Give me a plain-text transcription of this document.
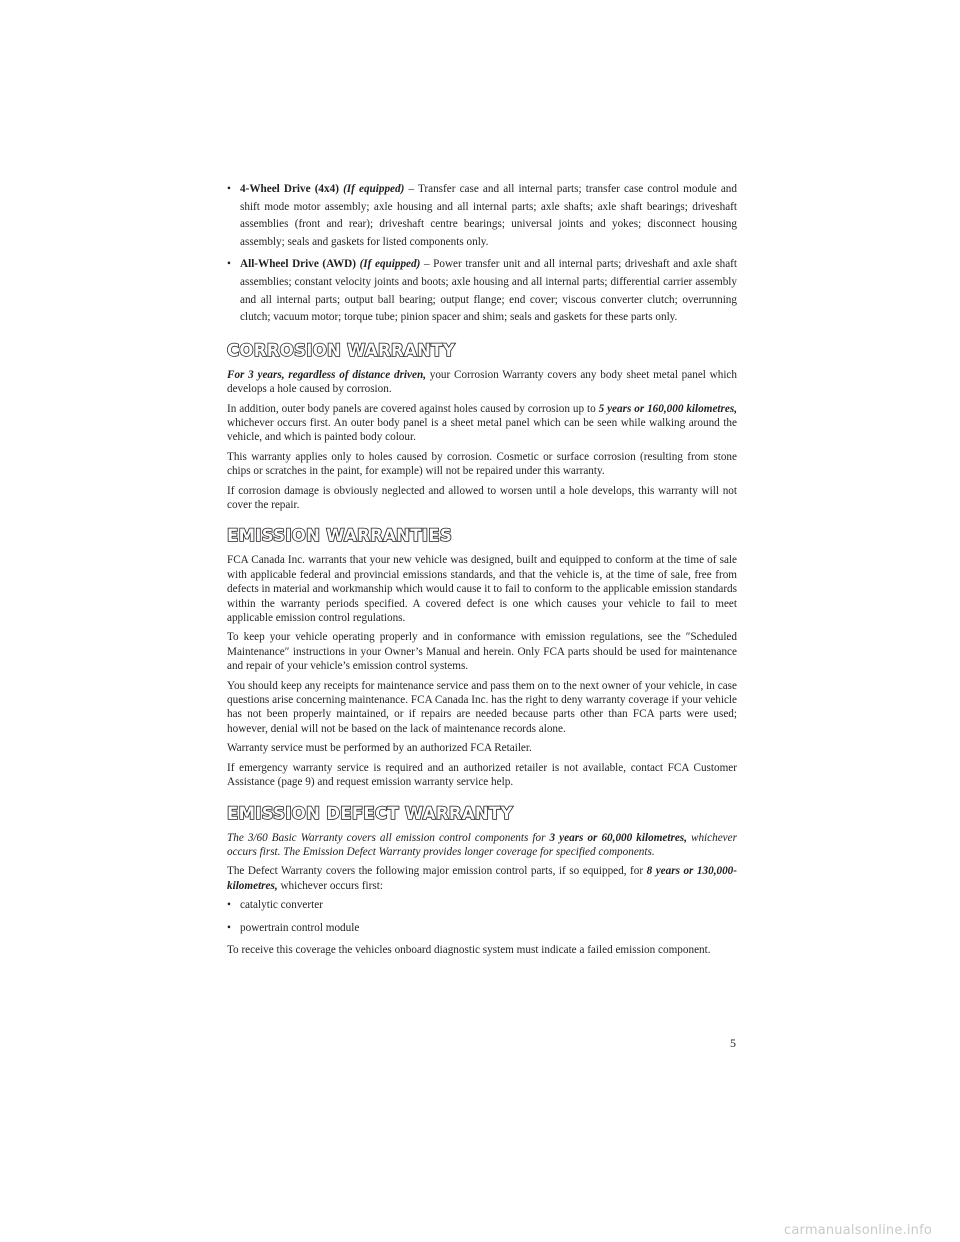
• 4-Wheel Drive (4x4) (If equipped) – Transfer case and all internal parts; transfer case control module and shift mode motor assembly; axle housing and all internal parts; axle shafts; axle shaft bearings; driveshaft assemblies (front and rear); driveshaft centre bearings; universal joints and yokes; disconnect housing assembly; seals and gaskets for listed components only.
• All-Wheel Drive (AWD) (If equipped) – Power transfer unit and all internal parts; driveshaft and axle shaft assemblies; constant velocity joints and boots; axle housing and all internal parts; differential carrier assembly and all internal parts; output ball bearing; output flange; end cover; viscous converter clutch; overrunning clutch; vacuum motor; torque tube; pinion spacer and shim; seals and gaskets for these parts only.
CORROSION WARRANTY

For 3 years, regardless of distance driven, your Corrosion Warranty covers any body sheet metal panel which develops a hole caused by corrosion.

In addition, outer body panels are covered against holes caused by corrosion up to 5 years or 160,000 kilometres, whichever occurs first. An outer body panel is a sheet metal panel which can be seen while walking around the vehicle, and which is painted body colour.

This warranty applies only to holes caused by corrosion. Cosmetic or surface corrosion (resulting from stone chips or scratches in the paint, for example) will not be repaired under this warranty.

If corrosion damage is obviously neglected and allowed to worsen until a hole develops, this warranty will not cover the repair.

EMISSION WARRANTIES

FCA Canada Inc. warrants that your new vehicle was designed, built and equipped to conform at the time of sale with applicable federal and provincial emissions standards, and that the vehicle is, at the time of sale, free from defects in material and workmanship which would cause it to fail to conform to the applicable emission standards within the warranty periods specified. A covered defect is one which causes your vehicle to fail to meet applicable emission control regulations.

To keep your vehicle operating properly and in conformance with emission regulations, see the ″Scheduled Maintenance″ instructions in your Owner’s Manual and herein. Only FCA parts should be used for maintenance and repair of your vehicle’s emission control systems.

You should keep any receipts for maintenance service and pass them on to the next owner of your vehicle, in case questions arise concerning maintenance. FCA Canada Inc. has the right to deny warranty coverage if your vehicle has not been properly maintained, or if repairs are needed because parts other than FCA parts were used; however, denial will not be based on the lack of maintenance records alone.

Warranty service must be performed by an authorized FCA Retailer.

If emergency warranty service is required and an authorized retailer is not available, contact FCA Customer Assistance (page 9) and request emission warranty service help.

EMISSION DEFECT WARRANTY

The 3/60 Basic Warranty covers all emission control components for 3 years or 60,000 kilometres, whichever occurs first. The Emission Defect Warranty provides longer coverage for specified components.

The Defect Warranty covers the following major emission control parts, if so equipped, for 8 years or 130,000-kilometres, whichever occurs first:

• catalytic converter
• powertrain control module

To receive this coverage the vehicles onboard diagnostic system must indicate a failed emission component.

5
carmanualsonline.info
